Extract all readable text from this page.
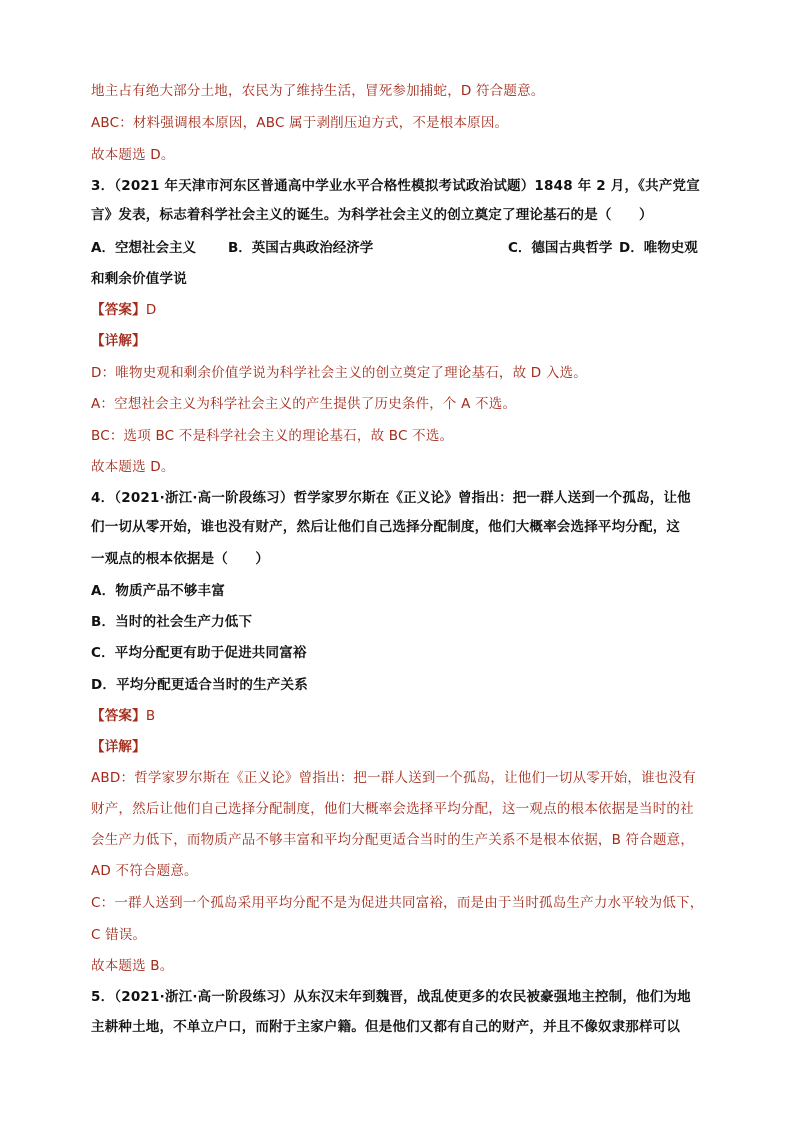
地主占有绝大部分土地，农民为了维持生活，冒死参加捕蛇，D 符合题意。
ABC：材料强调根本原因，ABC 属于剥削压迫方式，不是根本原因。
故本题选 D。
3．（2021 年天津市河东区普通高中学业水平合格性模拟考试政治试题）1848 年 2 月，《共产党宣
言》发表，标志着科学社会主义的诞生。为科学社会主义的创立奠定了理论基石的是（　　）
A．空想社会主义 B．英国古典政治经济学	C．德国古典哲学 D．唯物史观
和剩余价值学说
【答案】D
【详解】
D：唯物史观和剩余价值学说为科学社会主义的创立奠定了理论基石，故 D 入选。
A：空想社会主义为科学社会主义的产生提供了历史条件，个 A 不选。
BC：选项 BC 不是科学社会主义的理论基石，故 BC 不选。
故本题选 D。
4．（2021·浙江·高一阶段练习）哲学家罗尔斯在《正义论》曾指出：把一群人送到一个孤岛，让他
们一切从零开始，谁也没有财产，然后让他们自己选择分配制度，他们大概率会选择平均分配，这
一观点的根本依据是（　　）
A．物质产品不够丰富
B．当时的社会生产力低下
C．平均分配更有助于促进共同富裕
D．平均分配更适合当时的生产关系
【答案】B
【详解】
ABD：哲学家罗尔斯在《正义论》曾指出：把一群人送到一个孤岛，让他们一切从零开始，谁也没有
财产，然后让他们自己选择分配制度，他们大概率会选择平均分配，这一观点的根本依据是当时的社
会生产力低下，而物质产品不够丰富和平均分配更适合当时的生产关系不是根本依据，B 符合题意，
AD 不符合题意。
C：一群人送到一个孤岛采用平均分配不是为促进共同富裕，而是由于当时孤岛生产力水平较为低下，
C 错误。
故本题选 B。
5．（2021·浙江·高一阶段练习）从东汉末年到魏晋，战乱使更多的农民被豪强地主控制，他们为地
主耕种土地，不单立户口，而附于主家户籍。但是他们又都有自己的财产，并且不像奴隶那样可以
